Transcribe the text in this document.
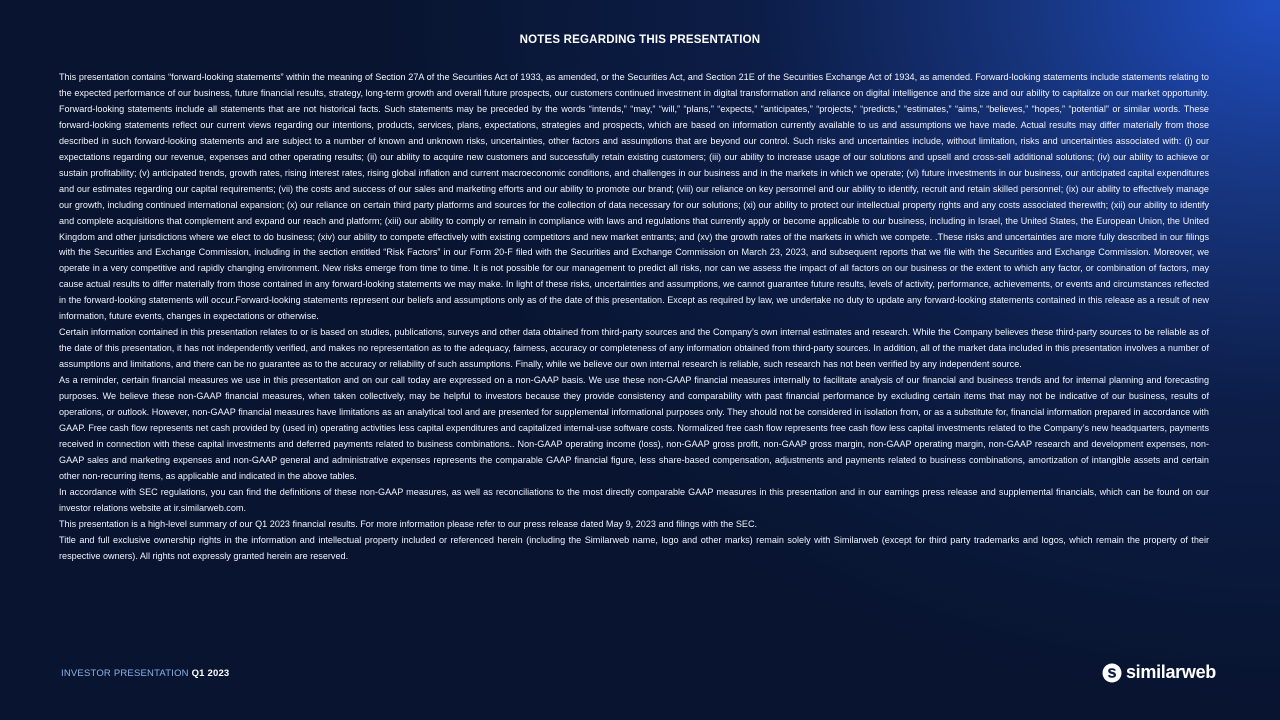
NOTES REGARDING THIS PRESENTATION

This presentation contains “forward-looking statements” within the meaning of Section 27A of the Securities Act of 1933, as amended, or the Securities Act, and Section 21E of the Securities Exchange Act of 1934, as amended. Forward-looking statements include statements relating to the expected performance of our business, future financial results, strategy, long-term growth and overall future prospects, our customers continued investment in digital transformation and reliance on digital intelligence and the size and our ability to capitalize on our market opportunity. Forward-looking statements include all statements that are not historical facts. Such statements may be preceded by the words “intends,” “may,” “will,” “plans,” “expects,” “anticipates,” “projects,” “predicts,” “estimates,” “aims,” “believes,” “hopes,” “potential” or similar words. These forward-looking statements reflect our current views regarding our intentions, products, services, plans, expectations, strategies and prospects, which are based on information currently available to us and assumptions we have made. Actual results may differ materially from those described in such forward-looking statements and are subject to a number of known and unknown risks, uncertainties, other factors and assumptions that are beyond our control. Such risks and uncertainties include, without limitation, risks and uncertainties associated with: (i) our expectations regarding our revenue, expenses and other operating results; (ii) our ability to acquire new customers and successfully retain existing customers; (iii) our ability to increase usage of our solutions and upsell and cross-sell additional solutions; (iv) our ability to achieve or sustain profitability; (v) anticipated trends, growth rates, rising interest rates, rising global inflation and current macroeconomic conditions, and challenges in our business and in the markets in which we operate; (vi) future investments in our business, our anticipated capital expenditures and our estimates regarding our capital requirements; (vii) the costs and success of our sales and marketing efforts and our ability to promote our brand; (viii) our reliance on key personnel and our ability to identify, recruit and retain skilled personnel; (ix) our ability to effectively manage our growth, including continued international expansion; (x) our reliance on certain third party platforms and sources for the collection of data necessary for our solutions; (xi) our ability to protect our intellectual property rights and any costs associated therewith; (xii) our ability to identify and complete acquisitions that complement and expand our reach and platform; (xiii) our ability to comply or remain in compliance with laws and regulations that currently apply or become applicable to our business, including in Israel, the United States, the European Union, the United Kingdom and other jurisdictions where we elect to do business; (xiv) our ability to compete effectively with existing competitors and new market entrants; and (xv) the growth rates of the markets in which we compete. .These risks and uncertainties are more fully described in our filings with the Securities and Exchange Commission, including in the section entitled “Risk Factors” in our Form 20-F filed with the Securities and Exchange Commission on March 23, 2023, and subsequent reports that we file with the Securities and Exchange Commission. Moreover, we operate in a very competitive and rapidly changing environment. New risks emerge from time to time. It is not possible for our management to predict all risks, nor can we assess the impact of all factors on our business or the extent to which any factor, or combination of factors, may cause actual results to differ materially from those contained in any forward-looking statements we may make. In light of these risks, uncertainties and assumptions, we cannot guarantee future results, levels of activity, performance, achievements, or events and circumstances reflected in the forward-looking statements will occur.Forward-looking statements represent our beliefs and assumptions only as of the date of this presentation. Except as required by law, we undertake no duty to update any forward-looking statements contained in this release as a result of new information, future events, changes in expectations or otherwise.

Certain information contained in this presentation relates to or is based on studies, publications, surveys and other data obtained from third-party sources and the Company’s own internal estimates and research. While the Company believes these third-party sources to be reliable as of the date of this presentation, it has not independently verified, and makes no representation as to the adequacy, fairness, accuracy or completeness of any information obtained from third-party sources. In addition, all of the market data included in this presentation involves a number of assumptions and limitations, and there can be no guarantee as to the accuracy or reliability of such assumptions. Finally, while we believe our own internal research is reliable, such research has not been verified by any independent source.

As a reminder, certain financial measures we use in this presentation and on our call today are expressed on a non-GAAP basis. We use these non-GAAP financial measures internally to facilitate analysis of our financial and business trends and for internal planning and forecasting purposes. We believe these non-GAAP financial measures, when taken collectively, may be helpful to investors because they provide consistency and comparability with past financial performance by excluding certain items that may not be indicative of our business, results of operations, or outlook. However, non-GAAP financial measures have limitations as an analytical tool and are presented for supplemental informational purposes only. They should not be considered in isolation from, or as a substitute for, financial information prepared in accordance with GAAP. Free cash flow represents net cash provided by (used in) operating activities less capital expenditures and capitalized internal-use software costs. Normalized free cash flow represents free cash flow less capital investments related to the Company’s new headquarters, payments received in connection with these capital investments and deferred payments related to business combinations.. Non-GAAP operating income (loss), non-GAAP gross profit, non-GAAP gross margin, non-GAAP operating margin, non-GAAP research and development expenses, non-GAAP sales and marketing expenses and non-GAAP general and administrative expenses represents the comparable GAAP financial figure, less share-based compensation, adjustments and payments related to business combinations, amortization of intangible assets and certain other non-recurring items, as applicable and indicated in the above tables.

In accordance with SEC regulations, you can find the definitions of these non-GAAP measures, as well as reconciliations to the most directly comparable GAAP measures in this presentation and in our earnings press release and supplemental financials, which can be found on our investor relations website at ir.similarweb.com.

This presentation is a high-level summary of our Q1 2023 financial results. For more information please refer to our press release dated May 9, 2023 and filings with the SEC.

Title and full exclusive ownership rights in the information and intellectual property included or referenced herein (including the Similarweb name, logo and other marks) remain solely with Similarweb (except for third party trademarks and logos, which remain the property of their respective owners). All rights not expressly granted herein are reserved.

INVESTOR PRESENTATION Q1 2023	similarweb
